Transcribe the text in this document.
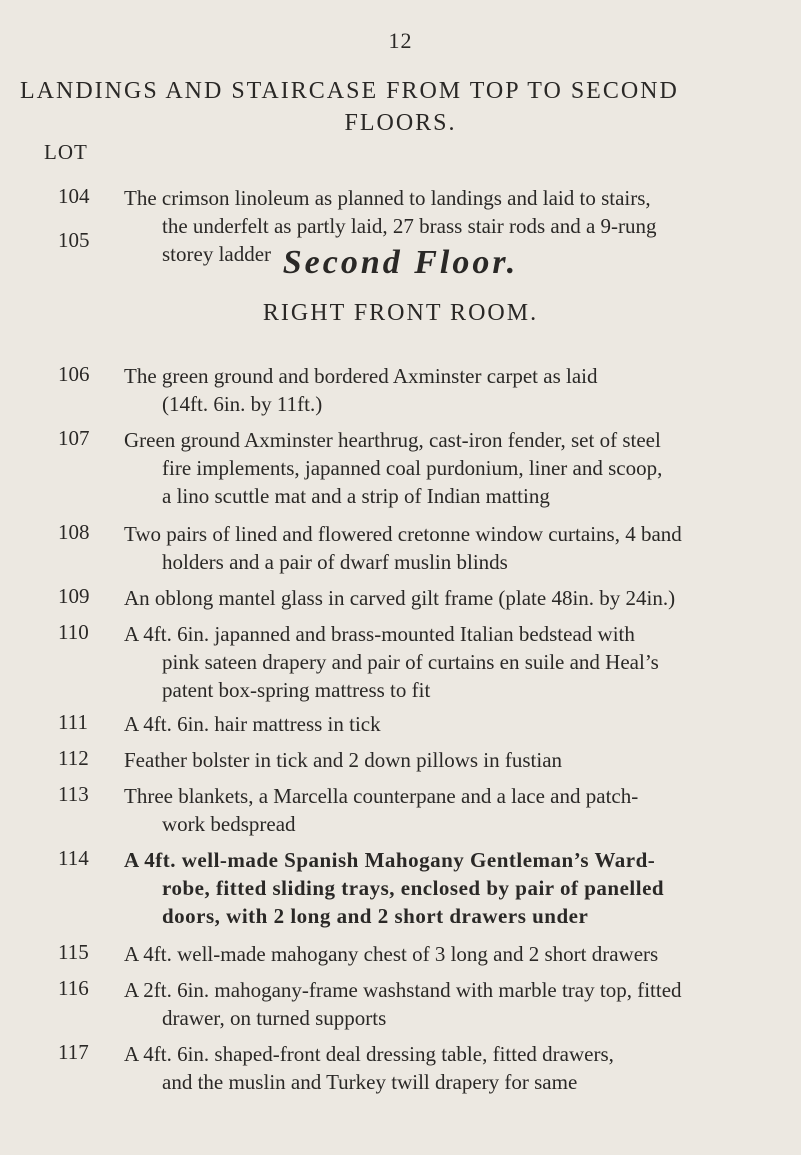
12
LANDINGS AND STAIRCASE FROM TOP TO SECOND
FLOORS.
LOT
104 The crimson linoleum as planned to landings and laid to stairs,
the underfelt as partly laid, 27 brass stair rods and a 9-rung
storey ladder
105
Second Floor.
RIGHT FRONT ROOM.
106 The green ground and bordered Axminster carpet as laid
(14ft. 6in. by 11ft.)
107 Green ground Axminster hearthrug, cast-iron fender, set of steel
fire implements, japanned coal purdonium, liner and scoop,
a lino scuttle mat and a strip of Indian matting
108 Two pairs of lined and flowered cretonne window curtains, 4 band
holders and a pair of dwarf muslin blinds
109 An oblong mantel glass in carved gilt frame (plate 48in. by 24in.)
110 A 4ft. 6in. japanned and brass-mounted Italian bedstead with
pink sateen drapery and pair of curtains en suile and Heal’s
patent box-spring mattress to fit
111 A 4ft. 6in. hair mattress in tick
112 Feather bolster in tick and 2 down pillows in fustian
113 Three blankets, a Marcella counterpane and a lace and patch-
work bedspread
114 A 4ft. well-made Spanish Mahogany Gentleman’s Ward-
robe, fitted sliding trays, enclosed by pair of panelled
doors, with 2 long and 2 short drawers under
115 A 4ft. well-made mahogany chest of 3 long and 2 short drawers
116 A 2ft. 6in. mahogany-frame washstand with marble tray top, fitted
drawer, on turned supports
117 A 4ft. 6in. shaped-front deal dressing table, fitted drawers,
and the muslin and Turkey twill drapery for same
